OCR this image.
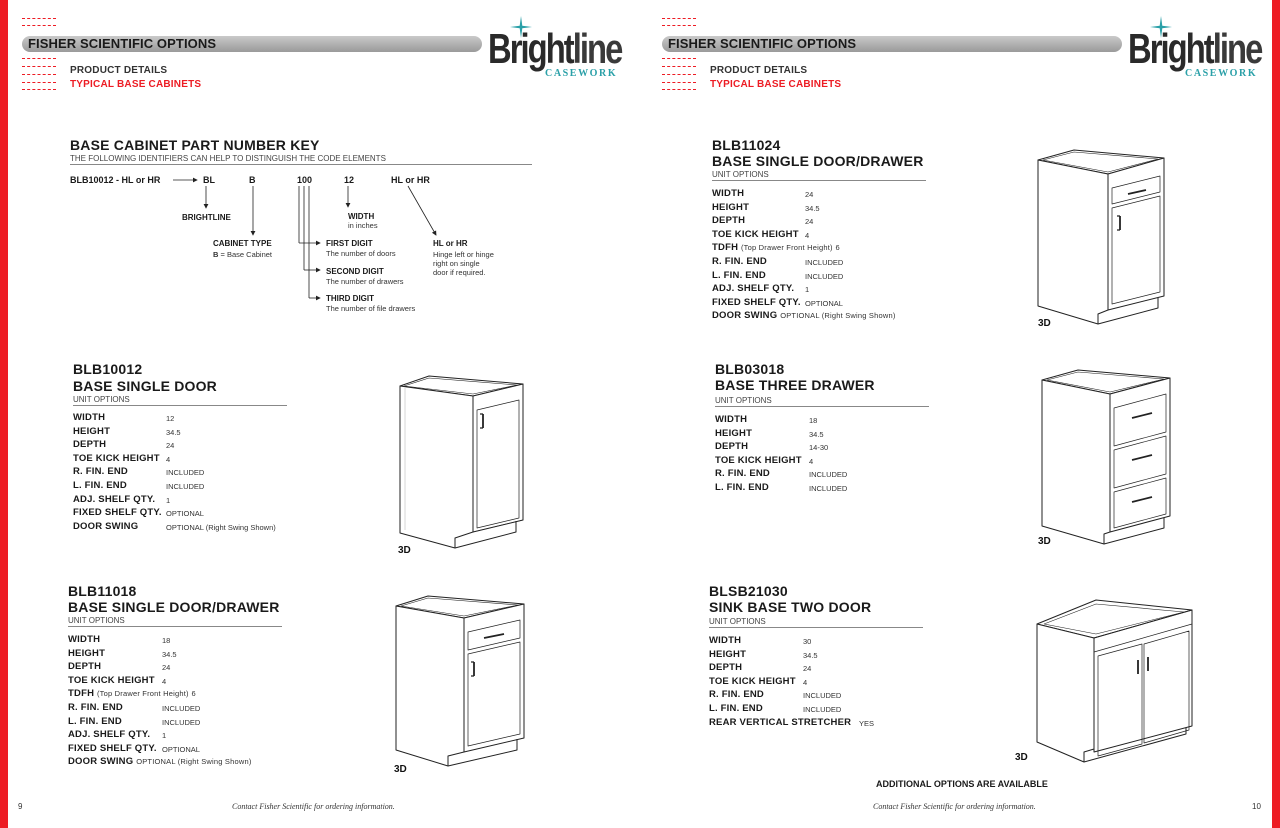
FISHER SCIENTIFIC OPTIONS
PRODUCT DETAILS
TYPICAL BASE CABINETS
Brightline
CASEWORK
FISHER SCIENTIFIC OPTIONS
PRODUCT DETAILS
TYPICAL BASE CABINETS
Brightline
CASEWORK
BASE CABINET PART NUMBER KEY
THE FOLLOWING IDENTIFIERS CAN HELP TO DISTINGUISH THE CODE ELEMENTS
BLB10012 - HL or HR	BL	B	100	12	HL or HR
BRIGHTLINE	WIDTH
in inches
CABINET TYPE
B = Base Cabinet
FIRST DIGIT
The number of doors
SECOND DIGIT
The number of drawers
THIRD DIGIT
The number of file drawers
HL or HR
Hinge left or hinge
right on single
door if required.
BLB10012
BASE SINGLE DOOR
UNIT OPTIONS
WIDTH	12
HEIGHT	34.5
DEPTH	24
TOE KICK HEIGHT 4
R. FIN. END	INCLUDED
L. FIN. END	INCLUDED
ADJ. SHELF QTY. 1
FIXED SHELF QTY. OPTIONAL
DOOR SWING	OPTIONAL (Right Swing Shown)
3D
BLB11018
BASE SINGLE DOOR/DRAWER
UNIT OPTIONS
WIDTH	18
HEIGHT	34.5
DEPTH	24
TOE KICK HEIGHT 4
TDFH (Top Drawer Front Height) 6
R. FIN. END	INCLUDED
L. FIN. END	INCLUDED
ADJ. SHELF QTY. 1
FIXED SHELF QTY. OPTIONAL
DOOR SWING OPTIONAL (Right Swing Shown)
3D
BLB11024
BASE SINGLE DOOR/DRAWER
UNIT OPTIONS
WIDTH	24
HEIGHT	34.5
DEPTH	24
TOE KICK HEIGHT 4
TDFH (Top Drawer Front Height) 6
R. FIN. END	INCLUDED
L. FIN. END	INCLUDED
ADJ. SHELF QTY. 1
FIXED SHELF QTY. OPTIONAL
DOOR SWING OPTIONAL (Right Swing Shown)
3D
BLB03018
BASE THREE DRAWER
UNIT OPTIONS
WIDTH	18
HEIGHT	34.5
DEPTH	14-30
TOE KICK HEIGHT 4
R. FIN. END	INCLUDED
L. FIN. END	INCLUDED
3D
BLSB21030
SINK BASE TWO DOOR
UNIT OPTIONS
WIDTH	30
HEIGHT	34.5
DEPTH	24
TOE KICK HEIGHT 4
R. FIN. END	INCLUDED
L. FIN. END	INCLUDED
REAR VERTICAL STRETCHER YES
3D
ADDITIONAL OPTIONS ARE AVAILABLE
9	Contact Fisher Scientific for ordering information.	Contact Fisher Scientific for ordering information.	10
